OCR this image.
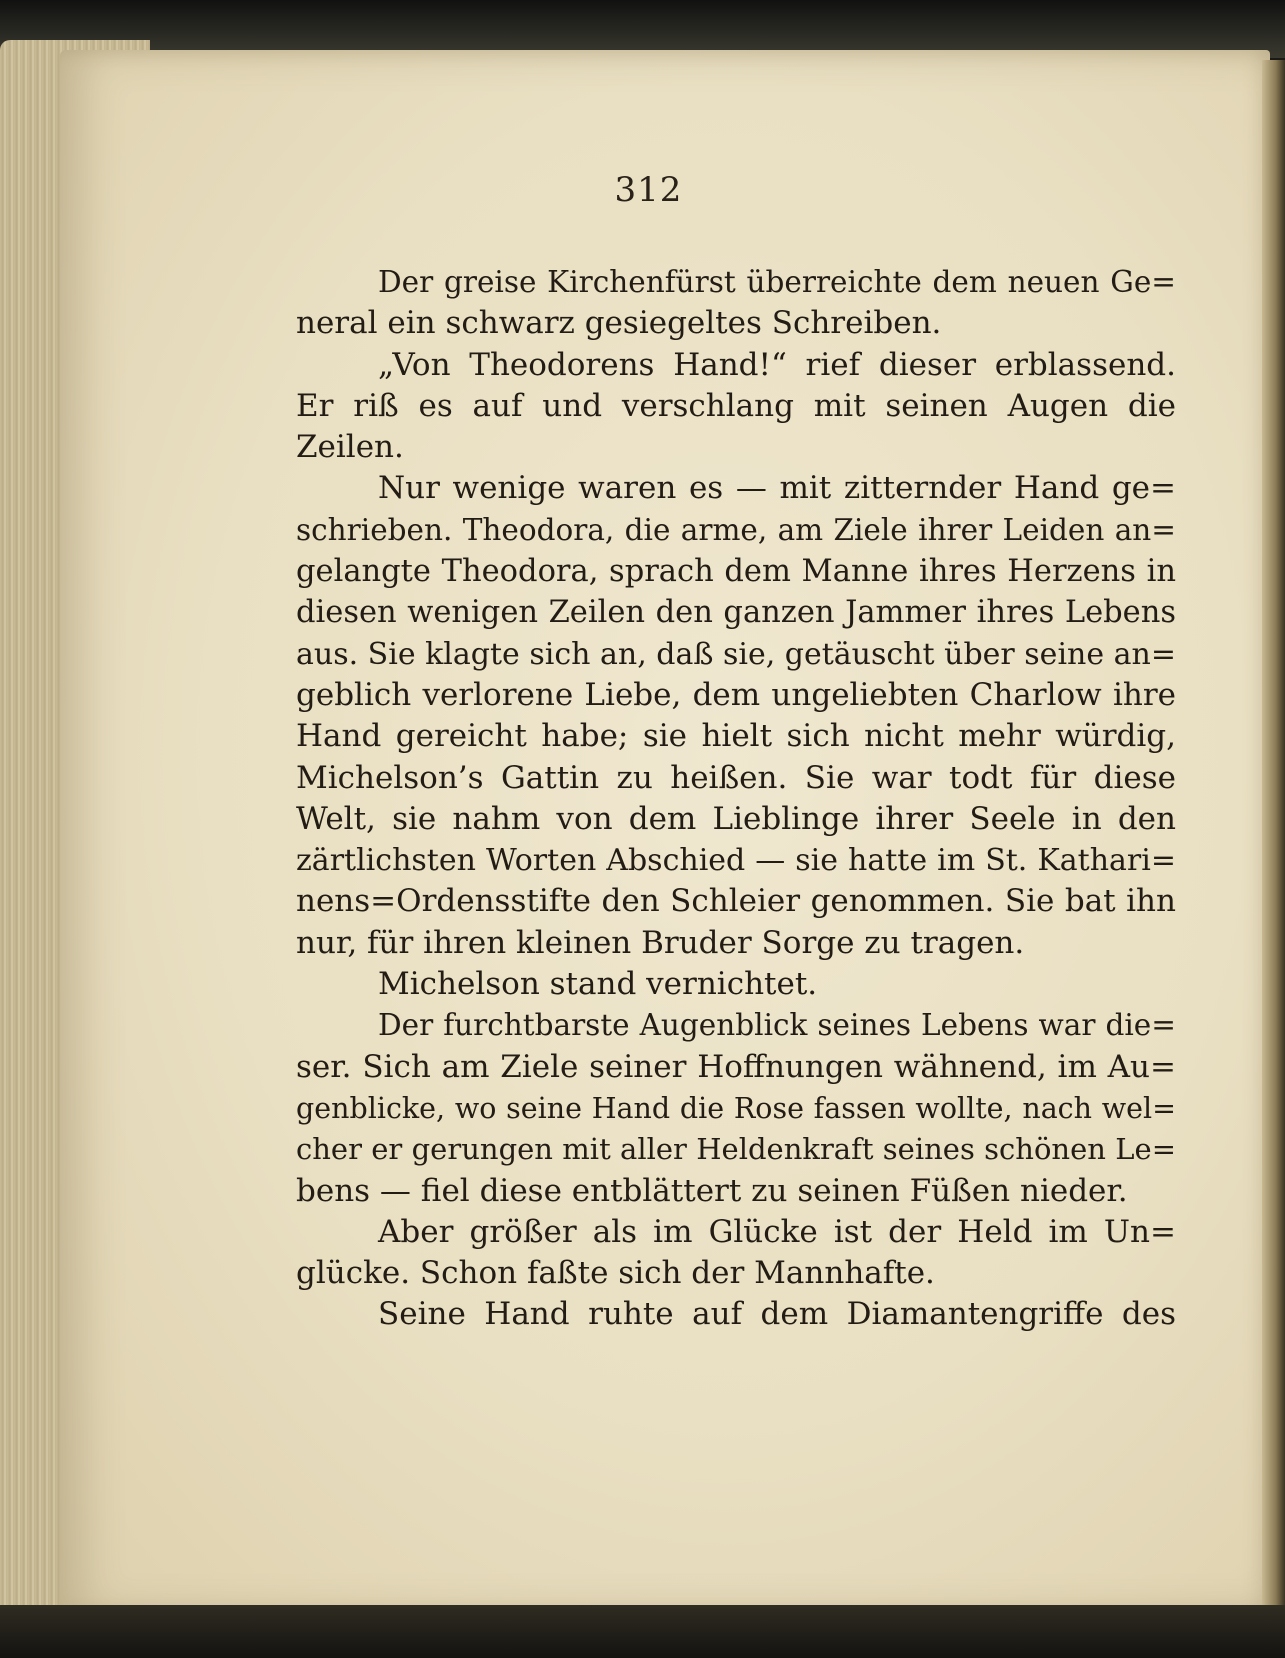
312
Der greise Kirchenfürst überreichte dem neuen Ge=
neral ein schwarz gesiegeltes Schreiben.
„Von Theodorens Hand!“ rief dieser erblassend.
Er riß es auf und verschlang mit seinen Augen die
Zeilen.
Nur wenige waren es — mit zitternder Hand ge=
schrieben. Theodora, die arme, am Ziele ihrer Leiden an=
gelangte Theodora, sprach dem Manne ihres Herzens in
diesen wenigen Zeilen den ganzen Jammer ihres Lebens
aus. Sie klagte sich an, daß sie, getäuscht über seine an=
geblich verlorene Liebe, dem ungeliebten Charlow ihre
Hand gereicht habe; sie hielt sich nicht mehr würdig,
Michelson’s Gattin zu heißen. Sie war todt für diese
Welt, sie nahm von dem Lieblinge ihrer Seele in den
zärtlichsten Worten Abschied — sie hatte im St. Kathari=
nens=Ordensstifte den Schleier genommen. Sie bat ihn
nur, für ihren kleinen Bruder Sorge zu tragen.
Michelson stand vernichtet.
Der furchtbarste Augenblick seines Lebens war die=
ser. Sich am Ziele seiner Hoffnungen wähnend, im Au=
genblicke, wo seine Hand die Rose fassen wollte, nach wel=
cher er gerungen mit aller Heldenkraft seines schönen Le=
bens — fiel diese entblättert zu seinen Füßen nieder.
Aber größer als im Glücke ist der Held im Un=
glücke. Schon faßte sich der Mannhafte.
Seine Hand ruhte auf dem Diamantengriffe des
